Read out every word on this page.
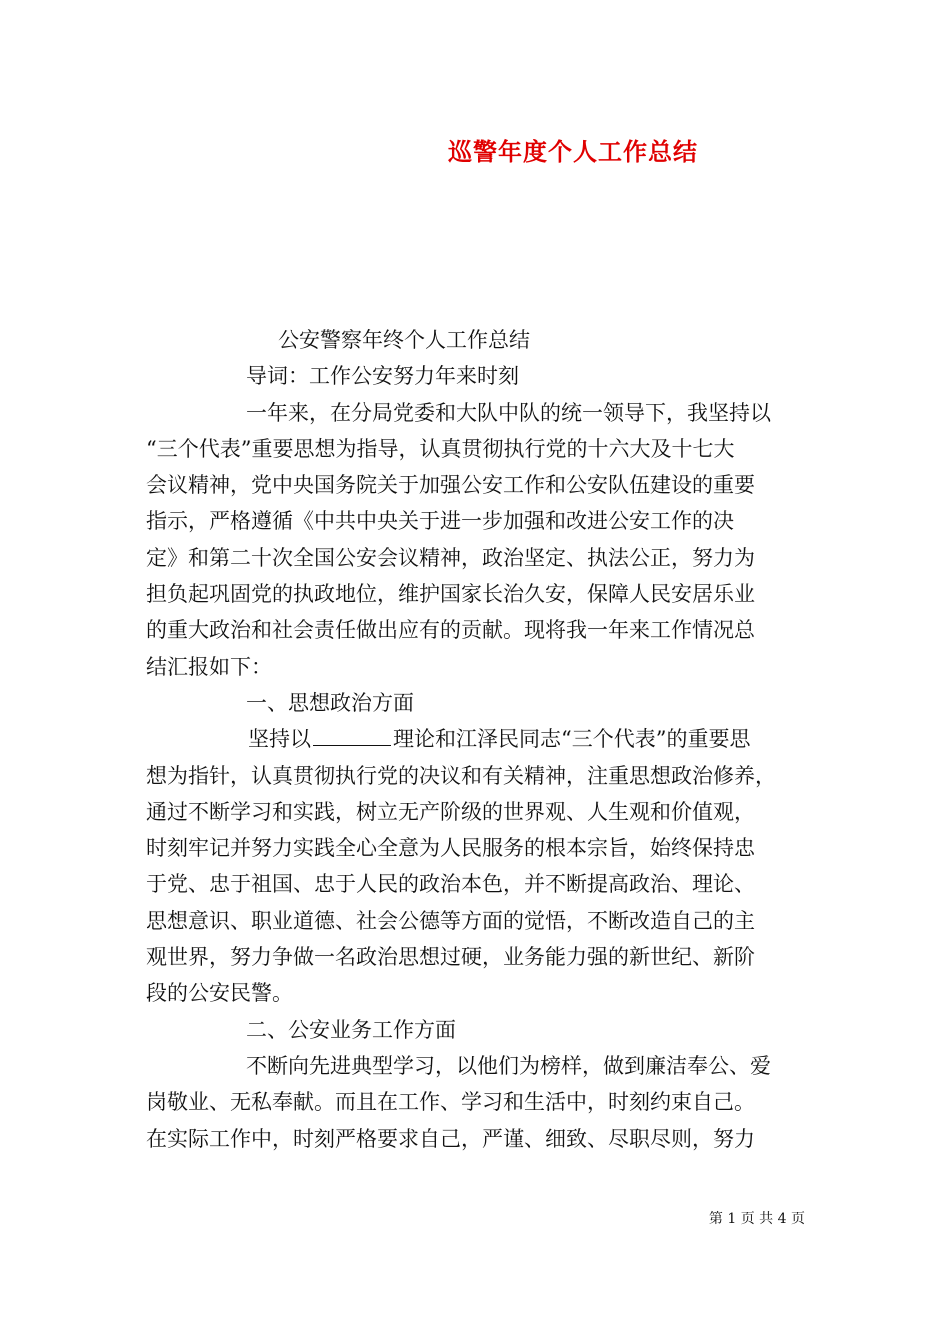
巡警年度个人工作总结
公安警察年终个人工作总结
导词：工作公安努力年来时刻
一年来，在分局党委和大队中队的统一领导下，我坚持以
“三个代表”重要思想为指导，认真贯彻执行党的十六大及十七大
会议精神，党中央国务院关于加强公安工作和公安队伍建设的重要
指示，严格遵循《中共中央关于进一步加强和改进公安工作的决
定》和第二十次全国公安会议精神，政治坚定、执法公正，努力为
担负起巩固党的执政地位，维护国家长治久安，保障人民安居乐业
的重大政治和社会责任做出应有的贡献。现将我一年来工作情况总
结汇报如下：
一、思想政治方面
坚持以	理论和江泽民同志“三个代表”的重要思
想为指针，认真贯彻执行党的决议和有关精神，注重思想政治修养，
通过不断学习和实践，树立无产阶级的世界观、人生观和价值观，
时刻牢记并努力实践全心全意为人民服务的根本宗旨，始终保持忠
于党、忠于祖国、忠于人民的政治本色，并不断提高政治、理论、
思想意识、职业道德、社会公德等方面的觉悟，不断改造自己的主
观世界，努力争做一名政治思想过硬，业务能力强的新世纪、新阶
段的公安民警。
二、公安业务工作方面
不断向先进典型学习，以他们为榜样，做到廉洁奉公、爱
岗敬业、无私奉献。而且在工作、学习和生活中，时刻约束自己。
在实际工作中，时刻严格要求自己，严谨、细致、尽职尽则，努力
第 1 页 共 4 页
